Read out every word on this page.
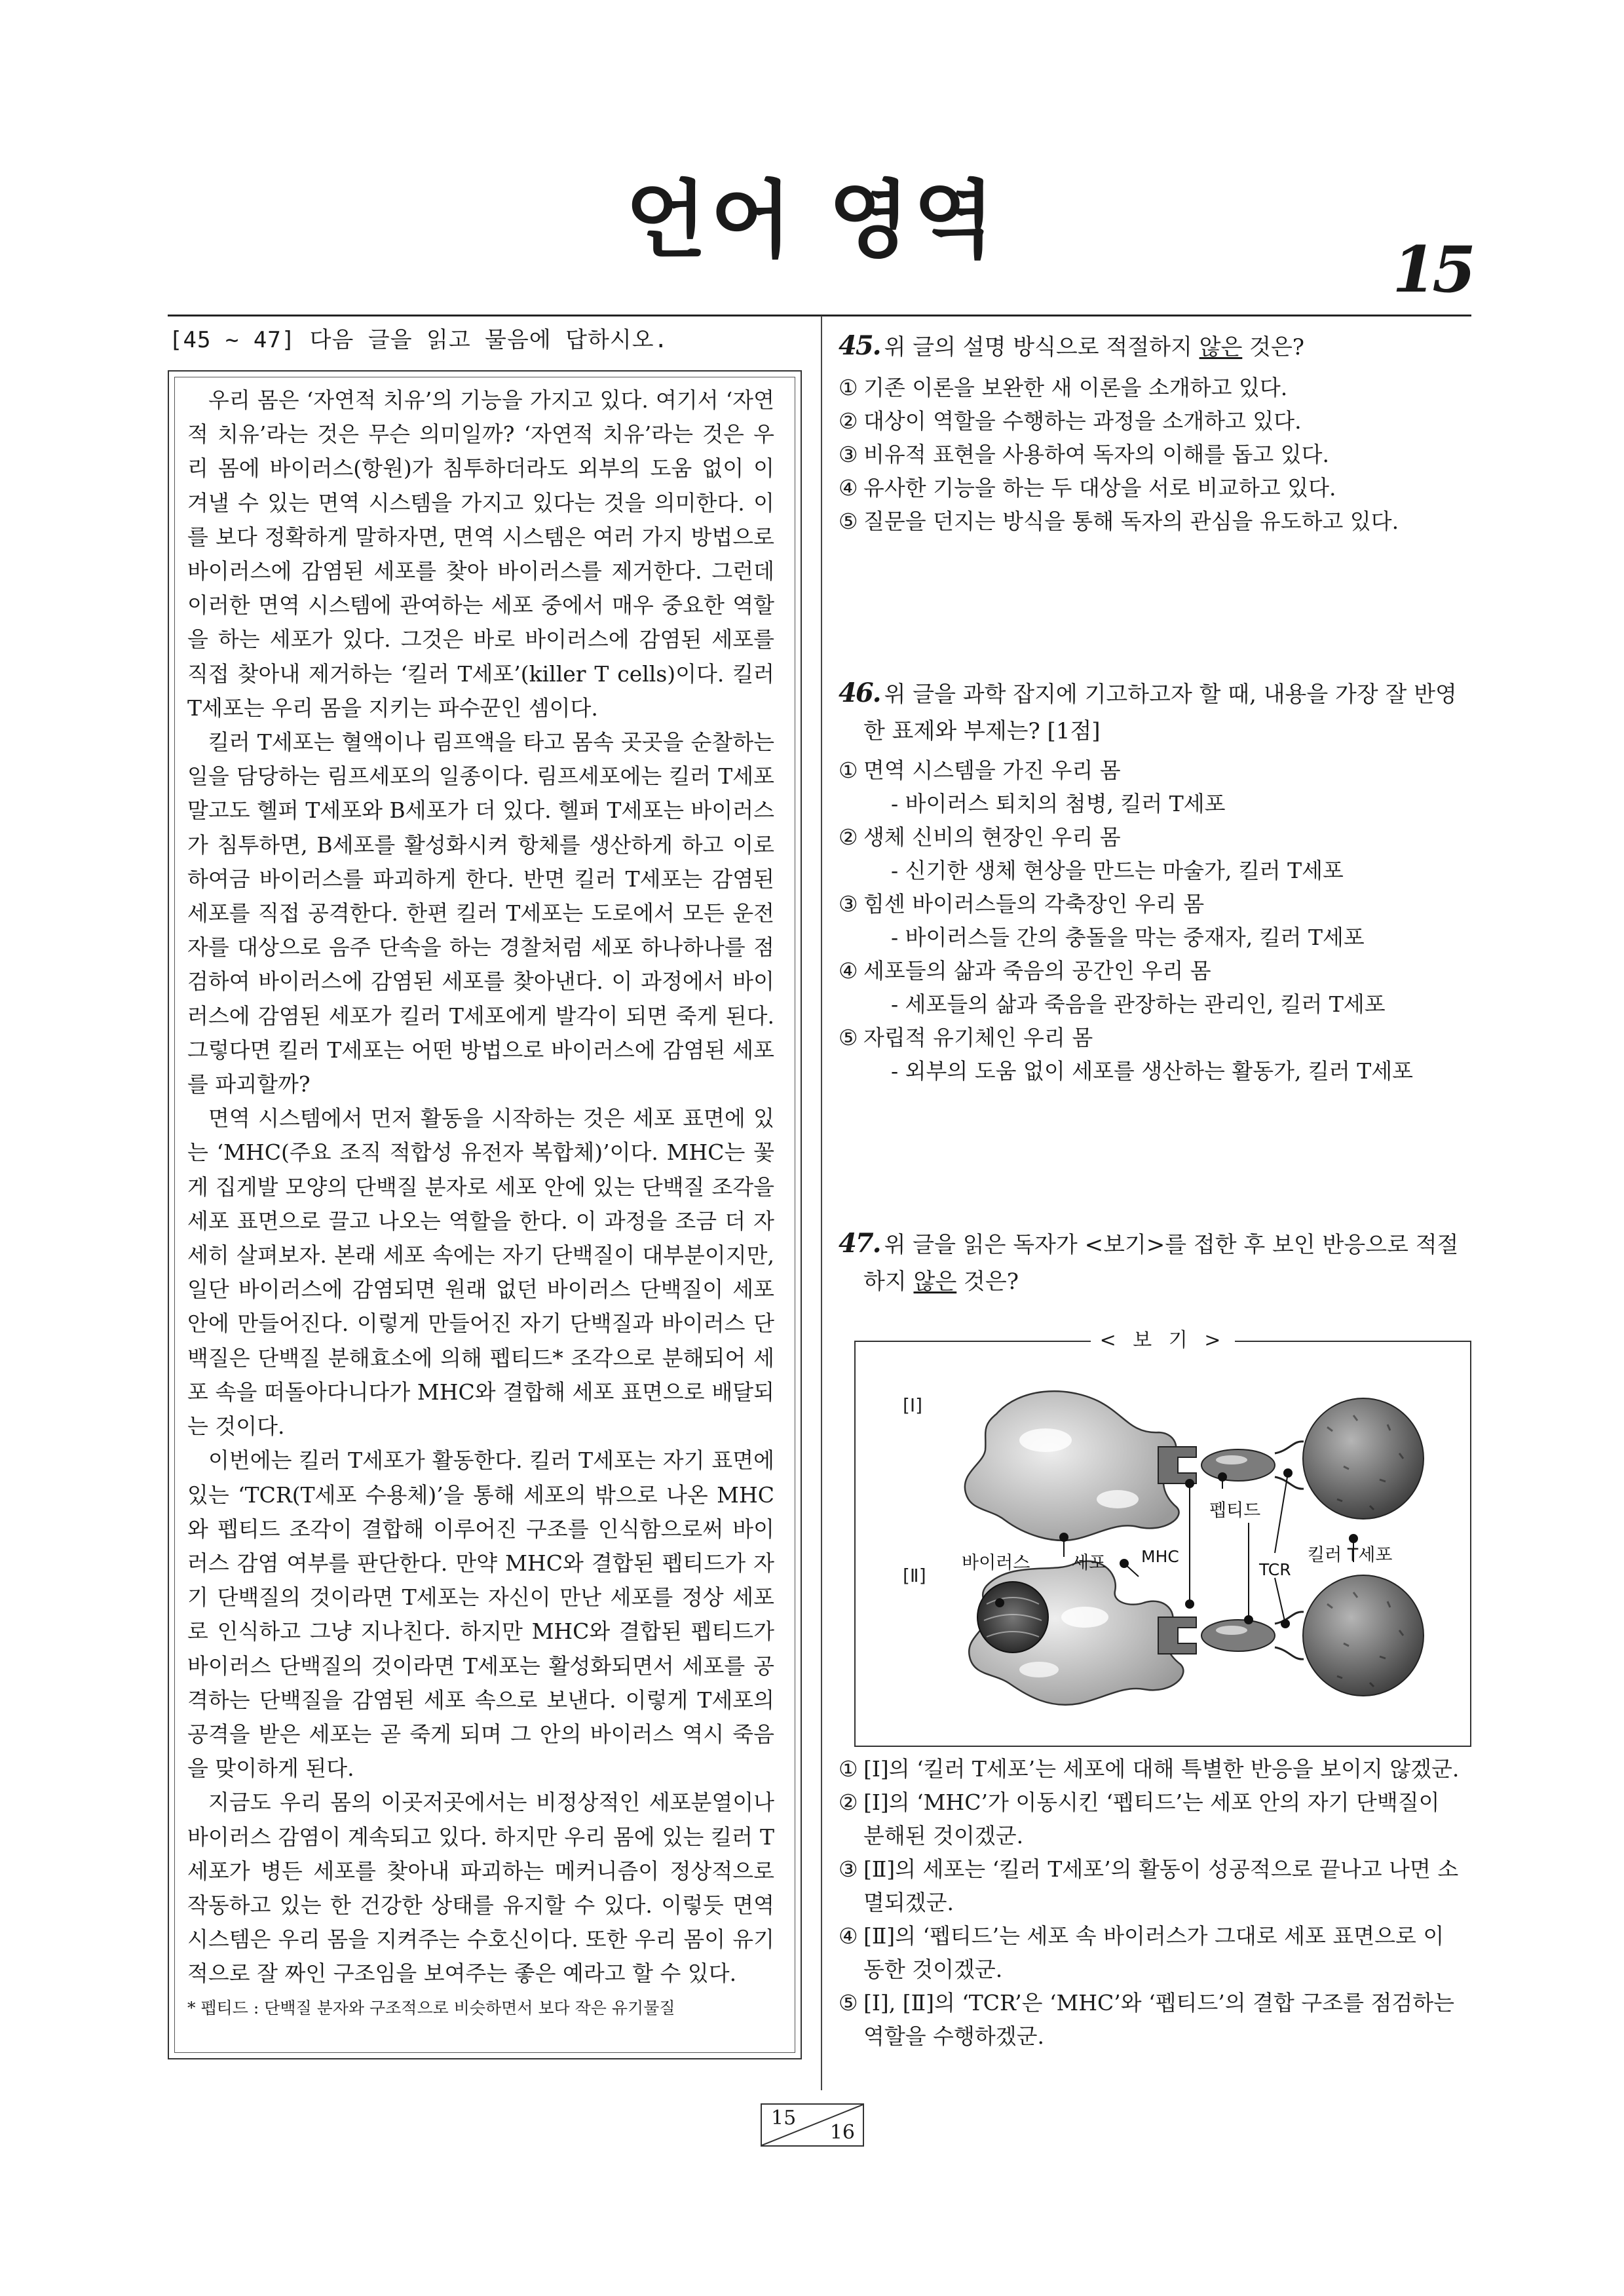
언어 영역
15
[45 ~ 47] 다음 글을 읽고 물음에 답하시오.

우리 몸은 ‘자연적 치유’의 기능을 가지고 있다. 여기서 ‘자연적 치유’라는 것은 무슨 의미일까? ‘자연적 치유’라는 것은 우리 몸에 바이러스(항원)가 침투하더라도 외부의 도움 없이 이겨낼 수 있는 면역 시스템을 가지고 있다는 것을 의미한다. 이를 보다 정확하게 말하자면, 면역 시스템은 여러 가지 방법으로 바이러스에 감염된 세포를 찾아 바이러스를 제거한다. 그런데 이러한 면역 시스템에 관여하는 세포 중에서 매우 중요한 역할을 하는 세포가 있다. 그것은 바로 바이러스에 감염된 세포를 직접 찾아내 제거하는 ‘킬러 T세포’(killer T cells)이다. 킬러 T세포는 우리 몸을 지키는 파수꾼인 셈이다.

킬러 T세포는 혈액이나 림프액을 타고 몸속 곳곳을 순찰하는 일을 담당하는 림프세포의 일종이다. 림프세포에는 킬러 T세포 말고도 헬퍼 T세포와 B세포가 더 있다. 헬퍼 T세포는 바이러스가 침투하면, B세포를 활성화시켜 항체를 생산하게 하고 이로 하여금 바이러스를 파괴하게 한다. 반면 킬러 T세포는 감염된 세포를 직접 공격한다. 한편 킬러 T세포는 도로에서 모든 운전자를 대상으로 음주 단속을 하는 경찰처럼 세포 하나하나를 점검하여 바이러스에 감염된 세포를 찾아낸다. 이 과정에서 바이러스에 감염된 세포가 킬러 T세포에게 발각이 되면 죽게 된다. 그렇다면 킬러 T세포는 어떤 방법으로 바이러스에 감염된 세포를 파괴할까?

면역 시스템에서 먼저 활동을 시작하는 것은 세포 표면에 있는 ‘MHC(주요 조직 적합성 유전자 복합체)’이다. MHC는 꽃게 집게발 모양의 단백질 분자로 세포 안에 있는 단백질 조각을 세포 표면으로 끌고 나오는 역할을 한다. 이 과정을 조금 더 자세히 살펴보자. 본래 세포 속에는 자기 단백질이 대부분이지만, 일단 바이러스에 감염되면 원래 없던 바이러스 단백질이 세포 안에 만들어진다. 이렇게 만들어진 자기 단백질과 바이러스 단백질은 단백질 분해효소에 의해 펩티드* 조각으로 분해되어 세포 속을 떠돌아다니다가 MHC와 결합해 세포 표면으로 배달되는 것이다.

이번에는 킬러 T세포가 활동한다. 킬러 T세포는 자기 표면에 있는 ‘TCR(T세포 수용체)’을 통해 세포의 밖으로 나온 MHC와 펩티드 조각이 결합해 이루어진 구조를 인식함으로써 바이러스 감염 여부를 판단한다. 만약 MHC와 결합된 펩티드가 자기 단백질의 것이라면 T세포는 자신이 만난 세포를 정상 세포로 인식하고 그냥 지나친다. 하지만 MHC와 결합된 펩티드가 바이러스 단백질의 것이라면 T세포는 활성화되면서 세포를 공격하는 단백질을 감염된 세포 속으로 보낸다. 이렇게 T세포의 공격을 받은 세포는 곧 죽게 되며 그 안의 바이러스 역시 죽음을 맞이하게 된다.

지금도 우리 몸의 이곳저곳에서는 비정상적인 세포분열이나 바이러스 감염이 계속되고 있다. 하지만 우리 몸에 있는 킬러 T세포가 병든 세포를 찾아내 파괴하는 메커니즘이 정상적으로 작동하고 있는 한 건강한 상태를 유지할 수 있다. 이렇듯 면역 시스템은 우리 몸을 지켜주는 수호신이다. 또한 우리 몸이 유기적으로 잘 짜인 구조임을 보여주는 좋은 예라고 할 수 있다.

* 펩티드 : 단백질 분자와 구조적으로 비슷하면서 보다 작은 유기물질
45. 위 글의 설명 방식으로 적절하지 않은 것은?
① 기존 이론을 보완한 새 이론을 소개하고 있다.
② 대상이 역할을 수행하는 과정을 소개하고 있다.
③ 비유적 표현을 사용하여 독자의 이해를 돕고 있다.
④ 유사한 기능을 하는 두 대상을 서로 비교하고 있다.
⑤ 질문을 던지는 방식을 통해 독자의 관심을 유도하고 있다.
46. 위 글을 과학 잡지에 기고하고자 할 때, 내용을 가장 잘 반영한 표제와 부제는? [1점]
① 면역 시스템을 가진 우리 몸
- 바이러스 퇴치의 첨병, 킬러 T세포
② 생체 신비의 현장인 우리 몸
- 신기한 생체 현상을 만드는 마술가, 킬러 T세포
③ 힘센 바이러스들의 각축장인 우리 몸
- 바이러스들 간의 충돌을 막는 중재자, 킬러 T세포
④ 세포들의 삶과 죽음의 공간인 우리 몸
- 세포들의 삶과 죽음을 관장하는 관리인, 킬러 T세포
⑤ 자립적 유기체인 우리 몸
- 외부의 도움 없이 세포를 생산하는 활동가, 킬러 T세포
47. 위 글을 읽은 독자가 <보기>를 접한 후 보인 반응으로 적절하지 않은 것은?
< 보 기 >
[Ⅰ]
[Ⅱ]
바이러스 세포 MHC
펩티드
TCR
킬러 T세포
① [Ⅰ]의 ‘킬러 T세포’는 세포에 대해 특별한 반응을 보이지 않겠군.
② [Ⅰ]의 ‘MHC’가 이동시킨 ‘펩티드’는 세포 안의 자기 단백질이 분해된 것이겠군.
③ [Ⅱ]의 세포는 ‘킬러 T세포’의 활동이 성공적으로 끝나고 나면 소멸되겠군.
④ [Ⅱ]의 ‘펩티드’는 세포 속 바이러스가 그대로 세포 표면으로 이동한 것이겠군.
⑤ [Ⅰ], [Ⅱ]의 ‘TCR’은 ‘MHC’와 ‘펩티드’의 결합 구조를 점검하는 역할을 수행하겠군.
15
16
